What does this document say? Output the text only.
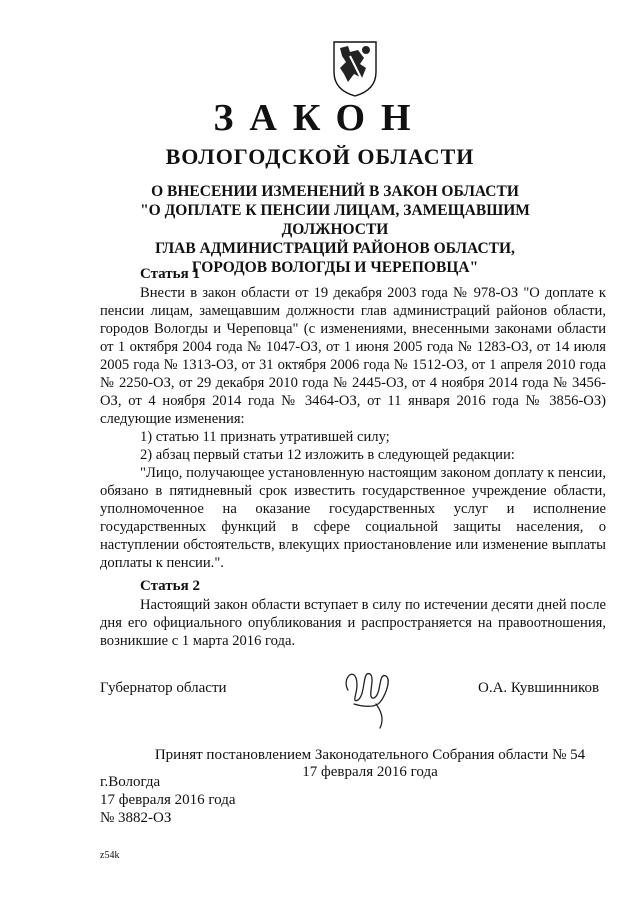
ЗАКОН
ВОЛОГОДСКОЙ ОБЛАСТИ
О ВНЕСЕНИИ ИЗМЕНЕНИЙ В ЗАКОН ОБЛАСТИ
"О ДОПЛАТЕ К ПЕНСИИ ЛИЦАМ, ЗАМЕЩАВШИМ ДОЛЖНОСТИ
ГЛАВ АДМИНИСТРАЦИЙ РАЙОНОВ ОБЛАСТИ,
ГОРОДОВ ВОЛОГДЫ И ЧЕРЕПОВЦА"
Статья 1

Внести в закон области от 19 декабря 2003 года № 978-ОЗ "О доплате к пенсии лицам, замещавшим должности глав администраций районов области, городов Вологды и Череповца" (с изменениями, внесенными законами области от 1 октября 2004 года № 1047-ОЗ, от 1 июня 2005 года № 1283-ОЗ, от 14 июля 2005 года № 1313-ОЗ, от 31 октября 2006 года № 1512-ОЗ, от 1 апреля 2010 года № 2250-ОЗ, от 29 декабря 2010 года № 2445-ОЗ, от 4 ноября 2014 года № 3456-ОЗ, от 4 ноября 2014 года № 3464-ОЗ, от 11 января 2016 года № 3856-ОЗ) следующие изменения:

1) статью 11 признать утратившей силу;

2) абзац первый статьи 12 изложить в следующей редакции:

"Лицо, получающее установленную настоящим законом доплату к пенсии, обязано в пятидневный срок известить государственное учреждение области, уполномоченное на оказание государственных услуг и исполнение государственных функций в сфере социальной защиты населения, о наступлении обстоятельств, влекущих приостановление или изменение выплаты доплаты к пенсии.".

Статья 2

Настоящий закон области вступает в силу по истечении десяти дней после дня его официального опубликования и распространяется на правоотношения, возникшие с 1 марта 2016 года.

Губернатор области	О.А. Кувшинников
Принят постановлением Законодательного Собрания области № 54
17 февраля 2016 года
г.Вологда
17 февраля 2016 года
№ 3882-ОЗ
z54k
